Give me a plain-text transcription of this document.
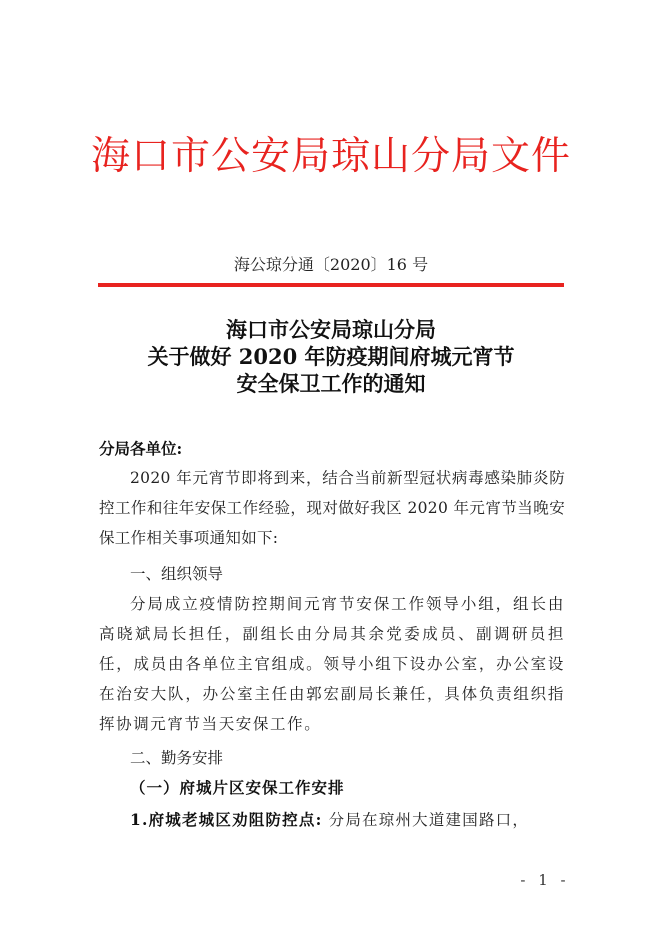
海口市公安局琼山分局文件
海公琼分通〔2020〕16 号
海口市公安局琼山分局
关于做好 2020 年防疫期间府城元宵节
安全保卫工作的通知
分局各单位:
2020 年元宵节即将到来，结合当前新型冠状病毒感染肺炎防控工作和往年安保工作经验，现对做好我区 2020 年元宵节当晚安保工作相关事项通知如下:
一、组织领导
分局成立疫情防控期间元宵节安保工作领导小组，组长由高晓斌局长担任，副组长由分局其余党委成员、副调研员担任，成员由各单位主官组成。领导小组下设办公室，办公室设在治安大队，办公室主任由郭宏副局长兼任，具体负责组织指挥协调元宵节当天安保工作。
二、勤务安排
（一）府城片区安保工作安排
1.府城老城区劝阻防控点: 分局在琼州大道建国路口，
- 1 -
